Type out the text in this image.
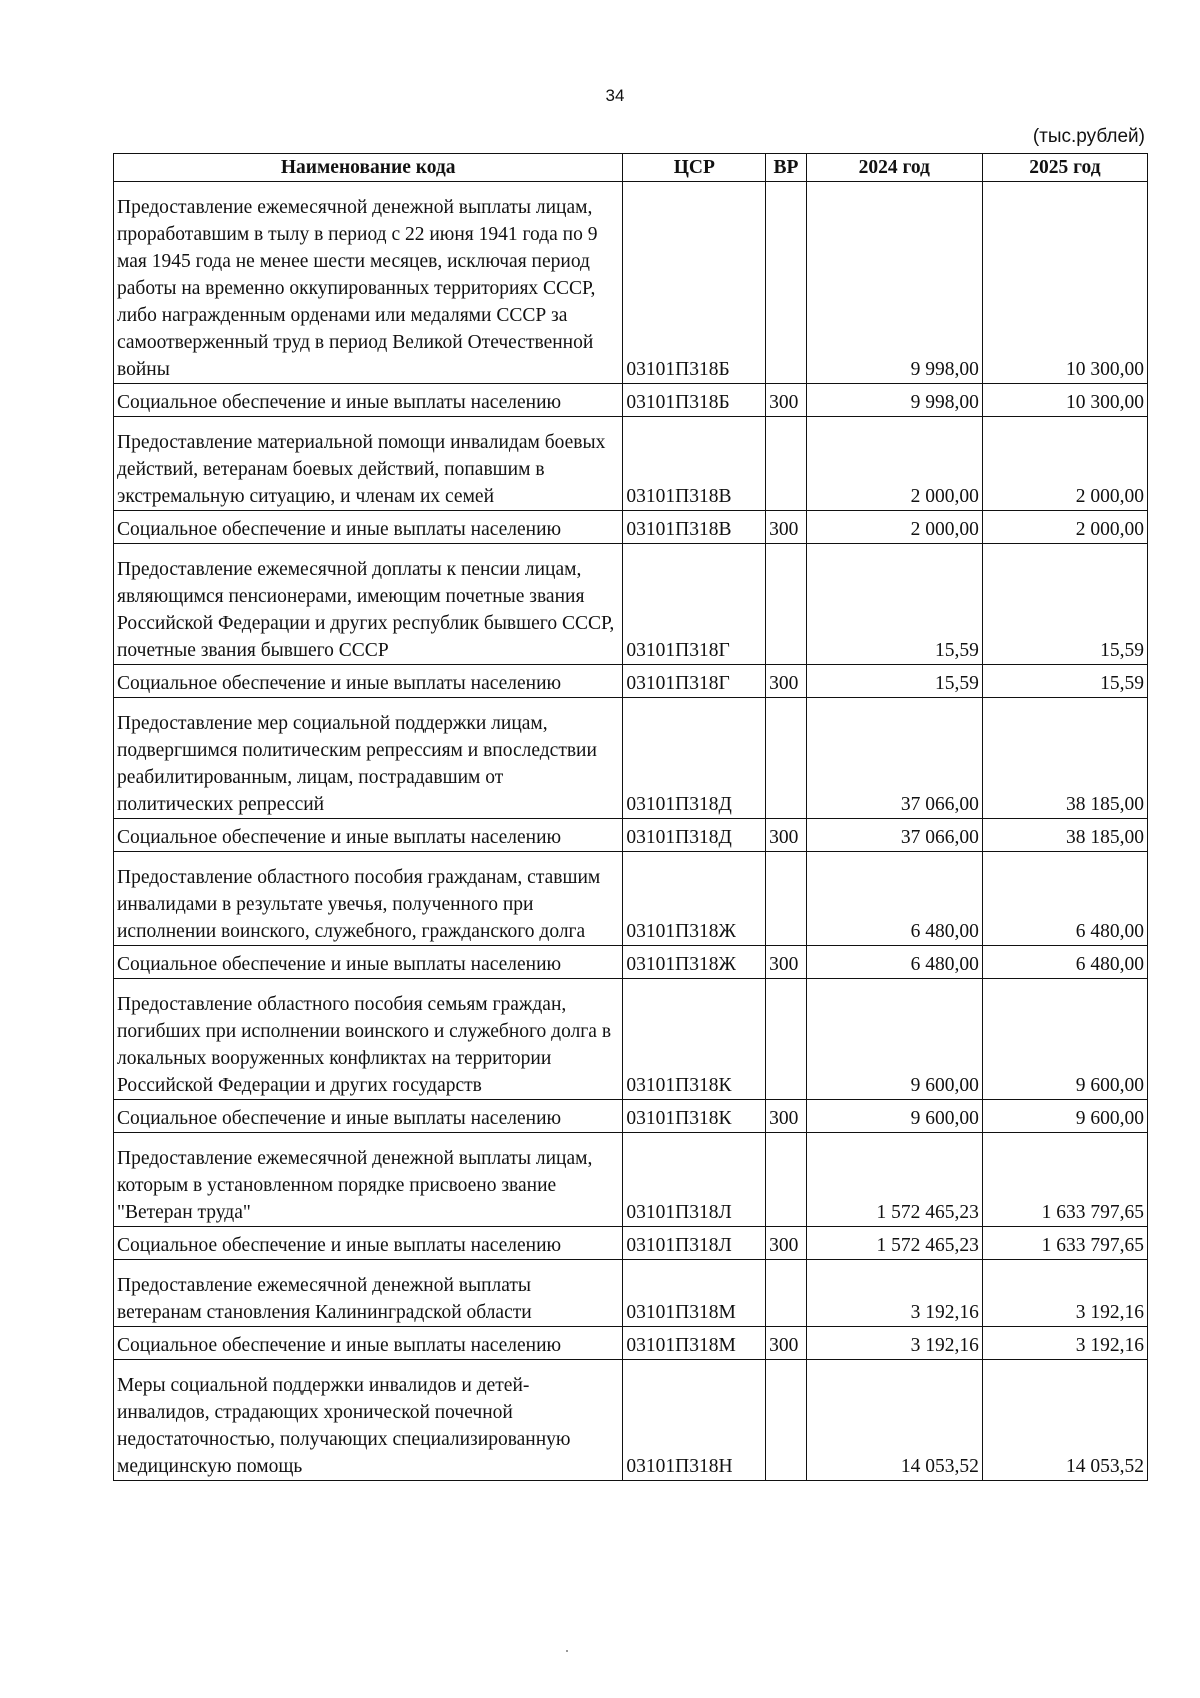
34
(тыс.рублей)
Наименование кода	ЦСР	ВР	2024 год	2025 год
Предоставление ежемесячной денежной выплаты лицам, проработавшим в тылу в период с 22 июня 1941 года по 9 мая 1945 года не менее шести месяцев, исключая период работы на временно оккупированных территориях СССР, либо награжденным орденами или медалями СССР за самоотверженный труд в период Великой Отечественной войны	03101П318Б		9 998,00	10 300,00
Социальное обеспечение и иные выплаты населению	03101П318Б	300	9 998,00	10 300,00
Предоставление материальной помощи инвалидам боевых действий, ветеранам боевых действий, попавшим в экстремальную ситуацию, и членам их семей	03101П318В		2 000,00	2 000,00
Социальное обеспечение и иные выплаты населению	03101П318В	300	2 000,00	2 000,00
Предоставление ежемесячной доплаты к пенсии лицам, являющимся пенсионерами, имеющим почетные звания Российской Федерации и других республик бывшего СССР, почетные звания бывшего СССР	03101П318Г		15,59	15,59
Социальное обеспечение и иные выплаты населению	03101П318Г	300	15,59	15,59
Предоставление мер социальной поддержки лицам, подвергшимся политическим репрессиям и впоследствии реабилитированным, лицам, пострадавшим от политических репрессий	03101П318Д		37 066,00	38 185,00
Социальное обеспечение и иные выплаты населению	03101П318Д	300	37 066,00	38 185,00
Предоставление областного пособия гражданам, ставшим инвалидами в результате увечья, полученного при исполнении воинского, служебного, гражданского долга	03101П318Ж		6 480,00	6 480,00
Социальное обеспечение и иные выплаты населению	03101П318Ж	300	6 480,00	6 480,00
Предоставление областного пособия семьям граждан, погибших при исполнении воинского и служебного долга в локальных вооруженных конфликтах на территории Российской Федерации и других государств	03101П318К		9 600,00	9 600,00
Социальное обеспечение и иные выплаты населению	03101П318К	300	9 600,00	9 600,00
Предоставление ежемесячной денежной выплаты лицам, которым в установленном порядке присвоено звание "Ветеран труда"	03101П318Л		1 572 465,23	1 633 797,65
Социальное обеспечение и иные выплаты населению	03101П318Л	300	1 572 465,23	1 633 797,65
Предоставление ежемесячной денежной выплаты ветеранам становления Калининградской области	03101П318М		3 192,16	3 192,16
Социальное обеспечение и иные выплаты населению	03101П318М	300	3 192,16	3 192,16
Меры социальной поддержки инвалидов и детей-инвалидов, страдающих хронической почечной недостаточностью, получающих специализированную медицинскую помощь	03101П318Н		14 053,52	14 053,52
